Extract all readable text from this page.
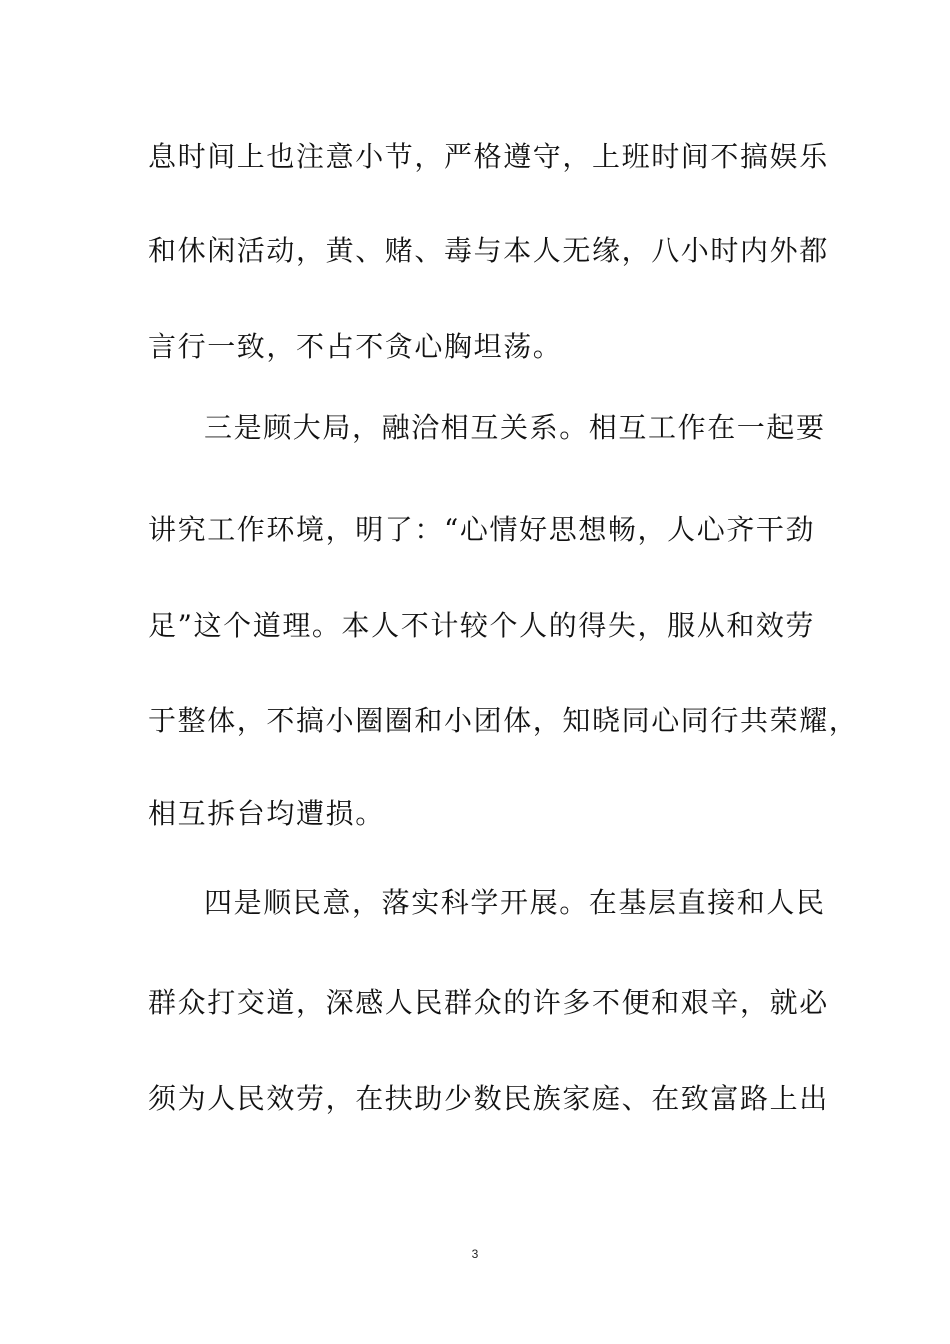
息时间上也注意小节，严格遵守，上班时间不搞娱乐
和休闲活动，黄、赌、毒与本人无缘，八小时内外都
言行一致，不占不贪心胸坦荡。
三是顾大局，融洽相互关系。相互工作在一起要
讲究工作环境，明了：“心情好思想畅，人心齐干劲
足”这个道理。本人不计较个人的得失，服从和效劳
于整体，不搞小圈圈和小团体，知晓同心同行共荣耀，
相互拆台均遭损。
四是顺民意，落实科学开展。在基层直接和人民
群众打交道，深感人民群众的许多不便和艰辛，就必
须为人民效劳，在扶助少数民族家庭、在致富路上出
3
